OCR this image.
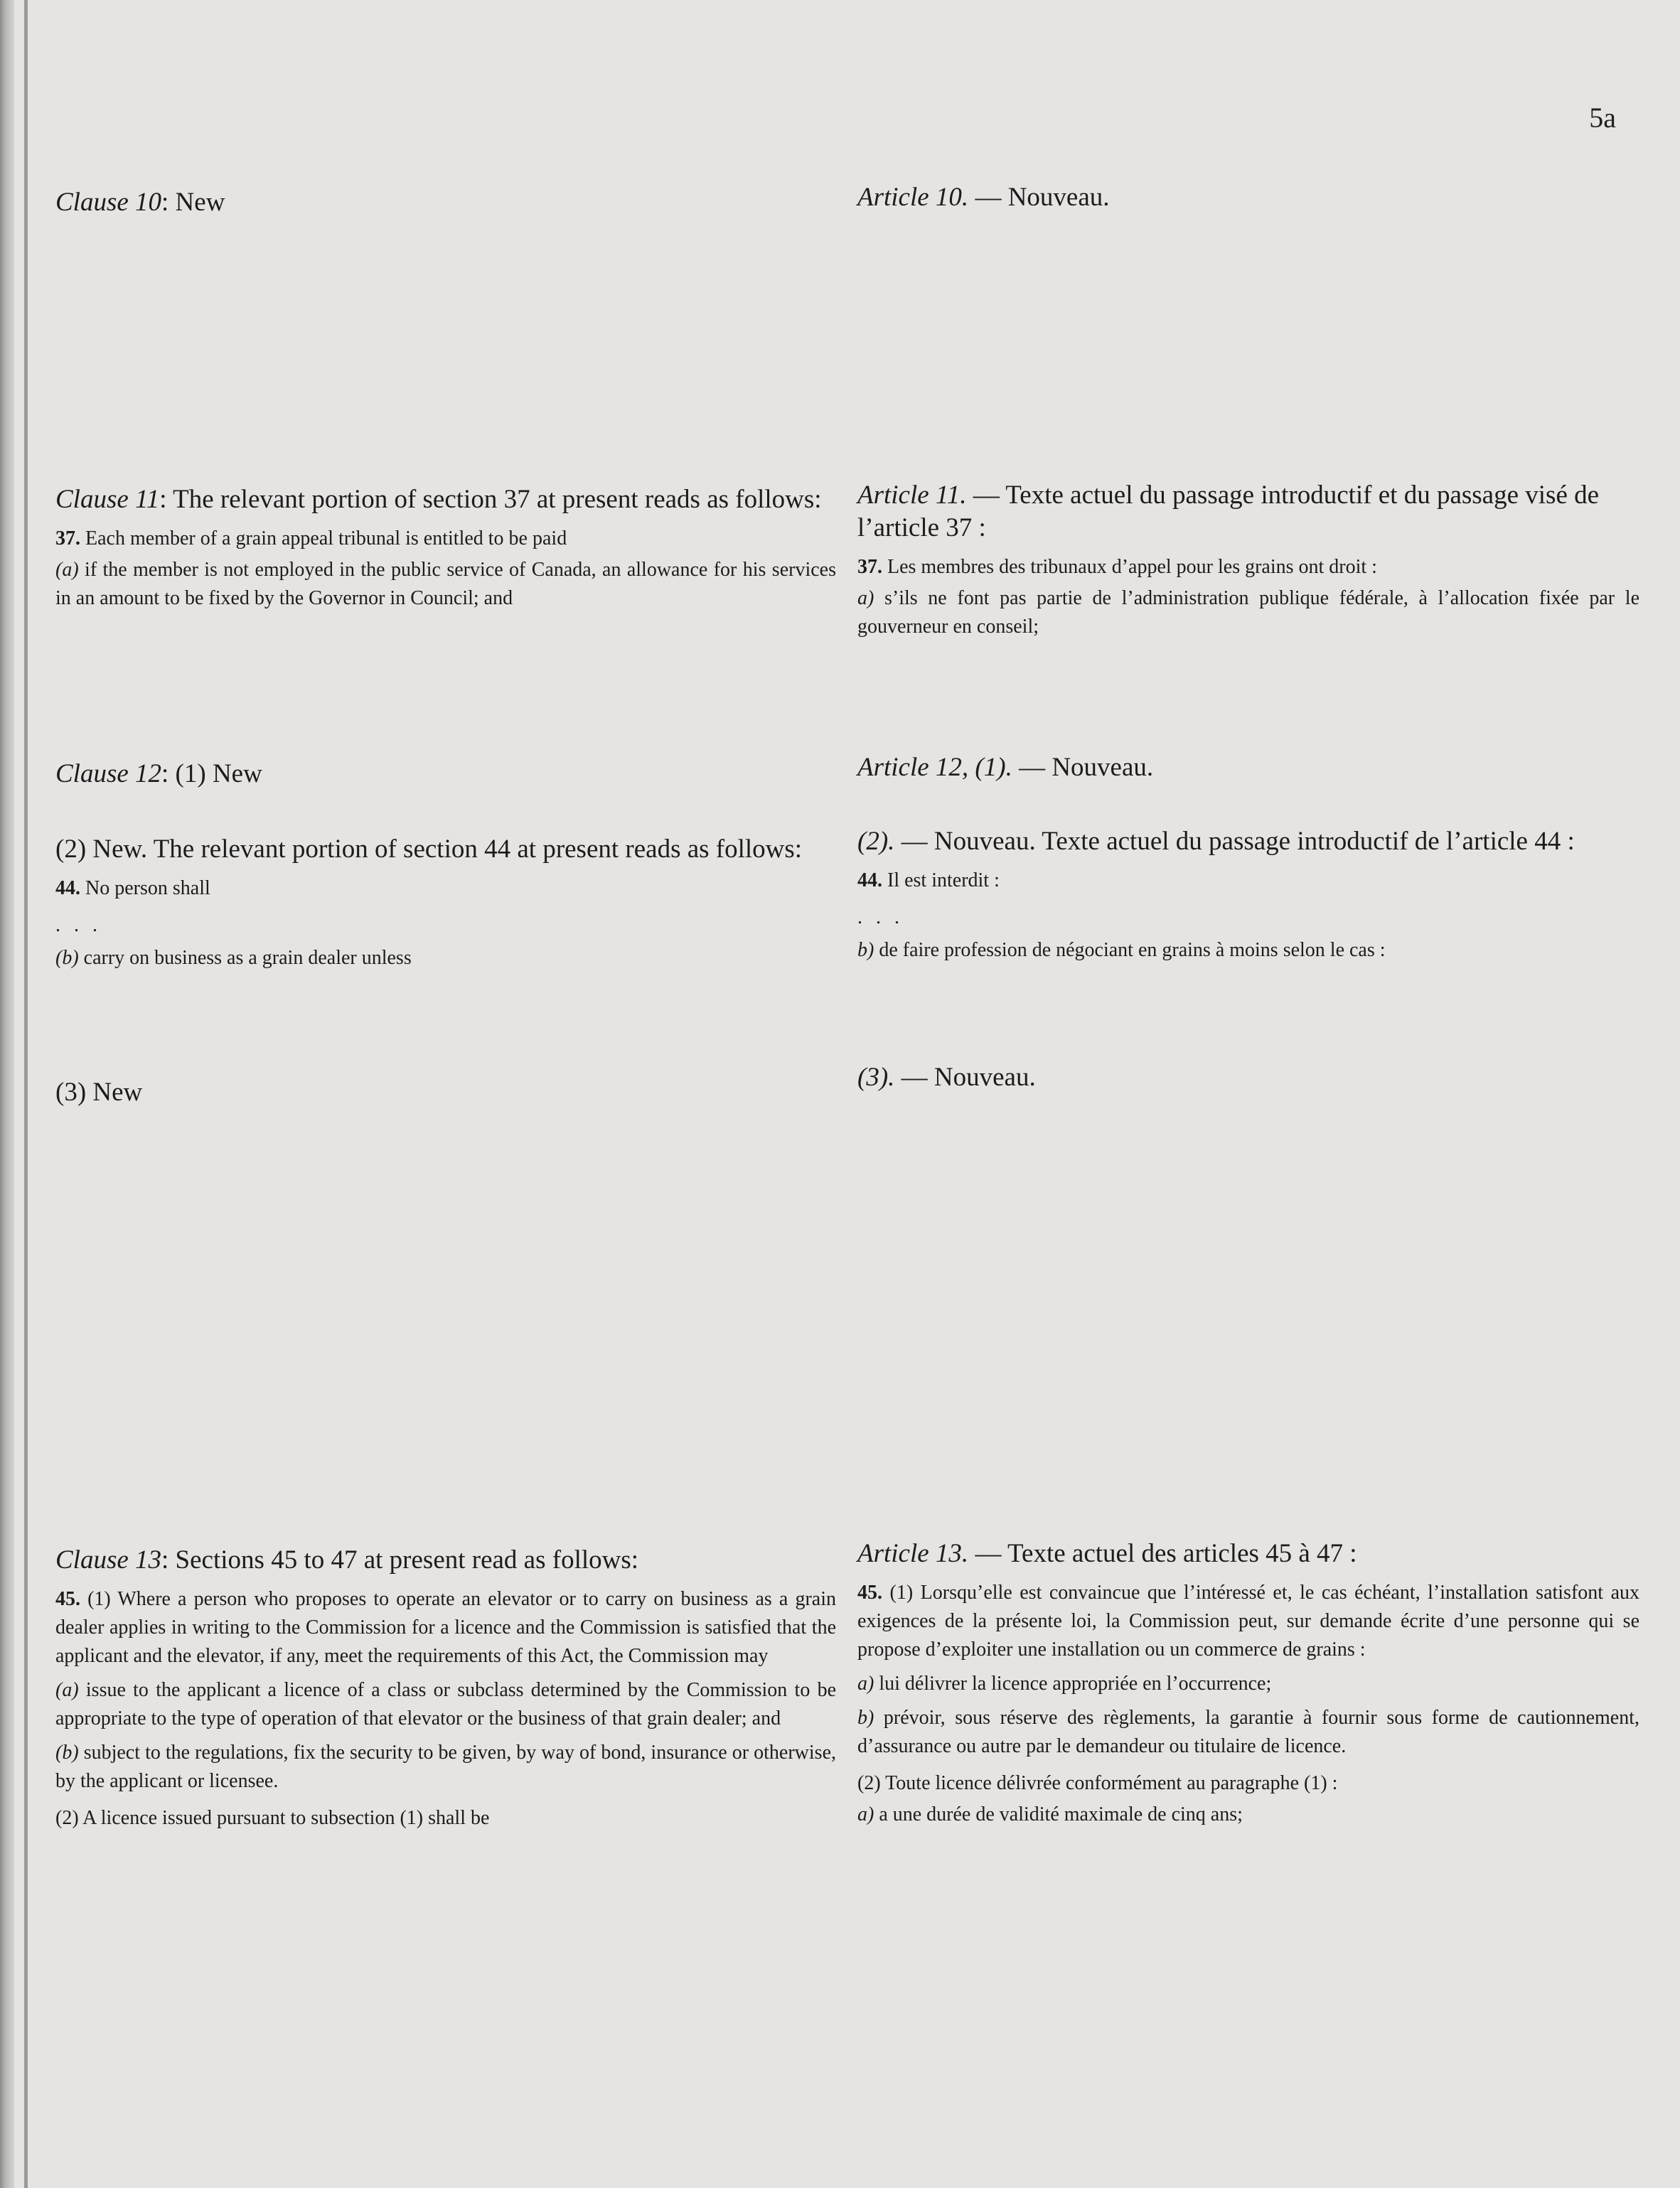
5a

Clause 10: New	Article 10. — Nouveau.

Clause 11: The relevant portion of section 37 at present reads as follows:

37. Each member of a grain appeal tribunal is entitled to be paid

(a) if the member is not employed in the public service of Canada, an allowance for his services in an amount to be fixed by the Governor in Council; and

Article 11. — Texte actuel du passage introductif et du passage visé de l’article 37 :

37. Les membres des tribunaux d’appel pour les grains ont droit :

a) s’ils ne font pas partie de l’administration publique fédérale, à l’allocation fixée par le gouverneur en conseil;

Clause 12: (1) New

(2) New. The relevant portion of section 44 at present reads as follows:

44. No person shall

. . .

(b) carry on business as a grain dealer unless

(3) New

Article 12, (1). — Nouveau.

(2). — Nouveau. Texte actuel du passage introductif de l’article 44 :

44. Il est interdit :

. . .

b) de faire profession de négociant en grains à moins selon le cas :

(3). — Nouveau.

Clause 13: Sections 45 to 47 at present read as follows:

45. (1) Where a person who proposes to operate an elevator or to carry on business as a grain dealer applies in writing to the Commission for a licence and the Commission is satisfied that the applicant and the elevator, if any, meet the requirements of this Act, the Commission may

(a) issue to the applicant a licence of a class or subclass determined by the Commission to be appropriate to the type of operation of that elevator or the business of that grain dealer; and

(b) subject to the regulations, fix the security to be given, by way of bond, insurance or otherwise, by the applicant or licensee.

(2) A licence issued pursuant to subsection (1) shall be

Article 13. — Texte actuel des articles 45 à 47 :

45. (1) Lorsqu’elle est convaincue que l’intéressé et, le cas échéant, l’installation satisfont aux exigences de la présente loi, la Commission peut, sur demande écrite d’une personne qui se propose d’exploiter une installation ou un commerce de grains :

a) lui délivrer la licence appropriée en l’occurrence;

b) prévoir, sous réserve des règlements, la garantie à fournir sous forme de cautionnement, d’assurance ou autre par le demandeur ou titulaire de licence.

(2) Toute licence délivrée conformément au paragraphe (1) :

a) a une durée de validité maximale de cinq ans;
